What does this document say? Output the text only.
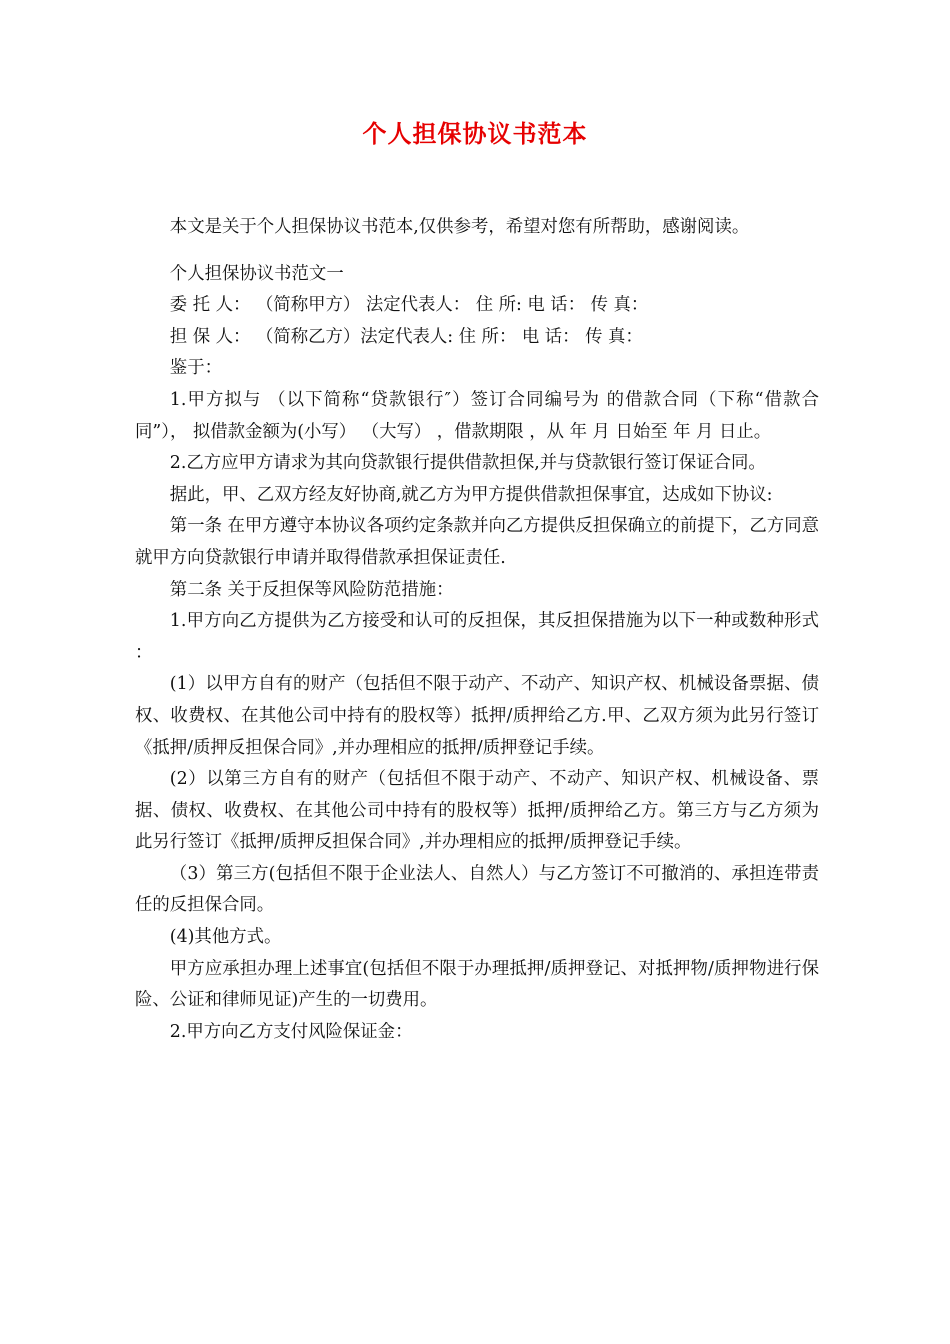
个人担保协议书范本

本文是关于个人担保协议书范本,仅供参考，希望对您有所帮助，感谢阅读。

个人担保协议书范文一

委 托 人： （简称甲方） 法定代表人： 住 所: 电 话： 传 真：

担 保 人： （简称乙方）法定代表人: 住 所： 电 话： 传 真：

鉴于：

1.甲方拟与 （以下简称“贷款银行″）签订合同编号为 的借款合同（下称“借款合同”）， 拟借款金额为(小写） （大写） ，借款期限 ，从 年 月 日始至 年 月 日止。

2.乙方应甲方请求为其向贷款银行提供借款担保,并与贷款银行签订保证合同。

据此，甲、乙双方经友好协商,就乙方为甲方提供借款担保事宜，达成如下协议:

第一条 在甲方遵守本协议各项约定条款并向乙方提供反担保确立的前提下，乙方同意就甲方向贷款银行申请并取得借款承担保证责任.

第二条 关于反担保等风险防范措施：

1.甲方向乙方提供为乙方接受和认可的反担保，其反担保措施为以下一种或数种形式 ：

(1）以甲方自有的财产（包括但不限于动产、不动产、知识产权、机械设备票据、债权、收费权、在其他公司中持有的股权等）抵押/质押给乙方.甲、乙双方须为此另行签订《抵押/质押反担保合同》,并办理相应的抵押/质押登记手续。

(2）以第三方自有的财产（包括但不限于动产、不动产、知识产权、机械设备、票据、债权、收费权、在其他公司中持有的股权等）抵押/质押给乙方。第三方与乙方须为此另行签订《抵押/质押反担保合同》,并办理相应的抵押/质押登记手续。

（3）第三方(包括但不限于企业法人、自然人）与乙方签订不可撤消的、承担连带责任的反担保合同。

(4)其他方式。

甲方应承担办理上述事宜(包括但不限于办理抵押/质押登记、对抵押物/质押物进行保险、公证和律师见证)产生的一切费用。

2.甲方向乙方支付风险保证金：
